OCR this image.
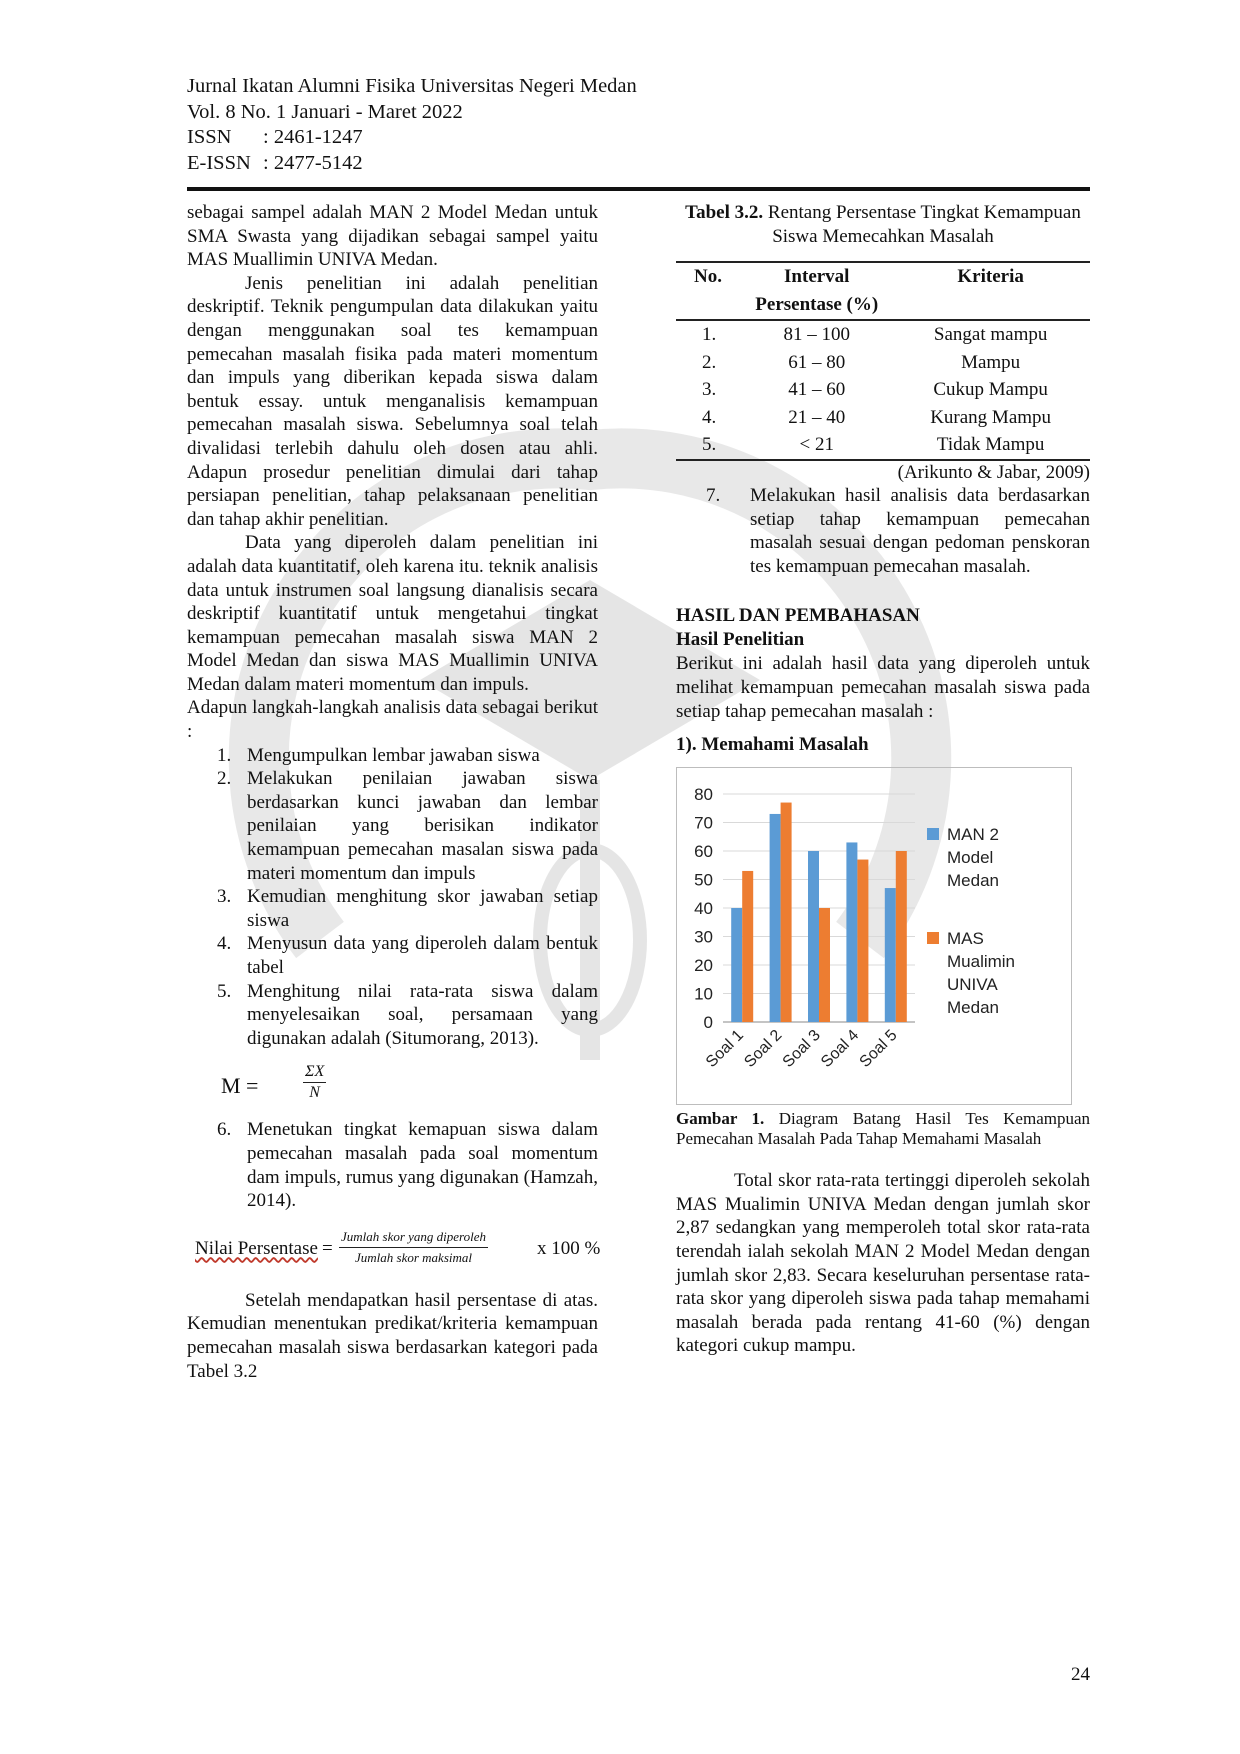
Jurnal Ikatan Alumni Fisika Universitas Negeri Medan
Vol. 8 No. 1 Januari - Maret 2022
ISSN : 2461-1247
E-ISSN : 2477-5142

sebagai sampel adalah MAN 2 Model Medan untuk SMA Swasta yang dijadikan sebagai sampel yaitu MAS Muallimin UNIVA Medan.

Jenis penelitian ini adalah penelitian deskriptif. Teknik pengumpulan data dilakukan yaitu dengan menggunakan soal tes kemampuan pemecahan masalah fisika pada materi momentum dan impuls yang diberikan kepada siswa dalam bentuk essay. untuk menganalisis kemampuan pemecahan masalah siswa. Sebelumnya soal telah divalidasi terlebih dahulu oleh dosen atau ahli. Adapun prosedur penelitian dimulai dari tahap persiapan penelitian, tahap pelaksanaan penelitian dan tahap akhir penelitian.

Data yang diperoleh dalam penelitian ini adalah data kuantitatif, oleh karena itu. teknik analisis data untuk instrumen soal langsung dianalisis secara deskriptif kuantitatif untuk mengetahui tingkat kemampuan pemecahan masalah siswa MAN 2 Model Medan dan siswa MAS Muallimin UNIVA Medan dalam materi momentum dan impuls.

Adapun langkah-langkah analisis data sebagai berikut :

1. Mengumpulkan lembar jawaban siswa
2. Melakukan penilaian jawaban siswa berdasarkan kunci jawaban dan lembar penilaian yang berisikan indikator kemampuan pemecahan masalan siswa pada materi momentum dan impuls
3. Kemudian menghitung skor jawaban setiap siswa
4. Menyusun data yang diperoleh dalam bentuk tabel
5. Menghitung nilai rata-rata siswa dalam menyelesaikan soal, persamaan yang digunakan adalah (Situmorang, 2013).
M =	$\frac{\Sigma X}{N}$
6. Menetukan tingkat kemapuan siswa dalam pemecahan masalah pada soal momentum dam impuls, rumus yang digunakan (Hamzah, 2014).
Nilai Persentase =
Jumlah skor yang diperoleh
Jumlah skor maksimal	x 100 %

Setelah mendapatkan hasil persentase di atas. Kemudian menentukan predikat/kriteria kemampuan pemecahan masalah siswa berdasarkan kategori pada Tabel 3.2

Tabel 3.2. Rentang Persentase Tingkat Kemampuan Siswa Memecahkan Masalah
No.	Interval	Kriteria
	Persentase (%)	
1.	81 – 100	Sangat mampu
2.	61 – 80	Mampu
3.	41 – 60	Cukup Mampu
4.	21 – 40	Kurang Mampu
5.	< 21	Tidak Mampu
(Arikunto & Jabar, 2009)
7. Melakukan hasil analisis data berdasarkan setiap tahap kemampuan pemecahan masalah sesuai dengan pedoman penskoran tes kemampuan pemecahan masalah.
HASIL DAN PEMBAHASAN
Hasil Penelitian

Berikut ini adalah hasil data yang diperoleh untuk melihat kemampuan pemecahan masalah siswa pada setiap tahap pemecahan masalah :

1). Memahami Masalah
0
10
20
30
40
50
60
70
80
Soal 1
Soal 2
Soal 3
Soal 4
Soal 5
MAN 2
Model
Medan
MAS
Mualimin
UNIVA
Medan
Gambar 1. Diagram Batang Hasil Tes Kemampuan Pemecahan Masalah Pada Tahap Memahami Masalah

Total skor rata-rata tertinggi diperoleh sekolah MAS Mualimin UNIVA Medan dengan jumlah skor 2,87 sedangkan yang memperoleh total skor rata-rata terendah ialah sekolah MAN 2 Model Medan dengan jumlah skor 2,83. Secara keseluruhan persentase rata-rata skor yang diperoleh siswa pada tahap memahami masalah berada pada rentang 41-60 (%) dengan kategori cukup mampu.

24
